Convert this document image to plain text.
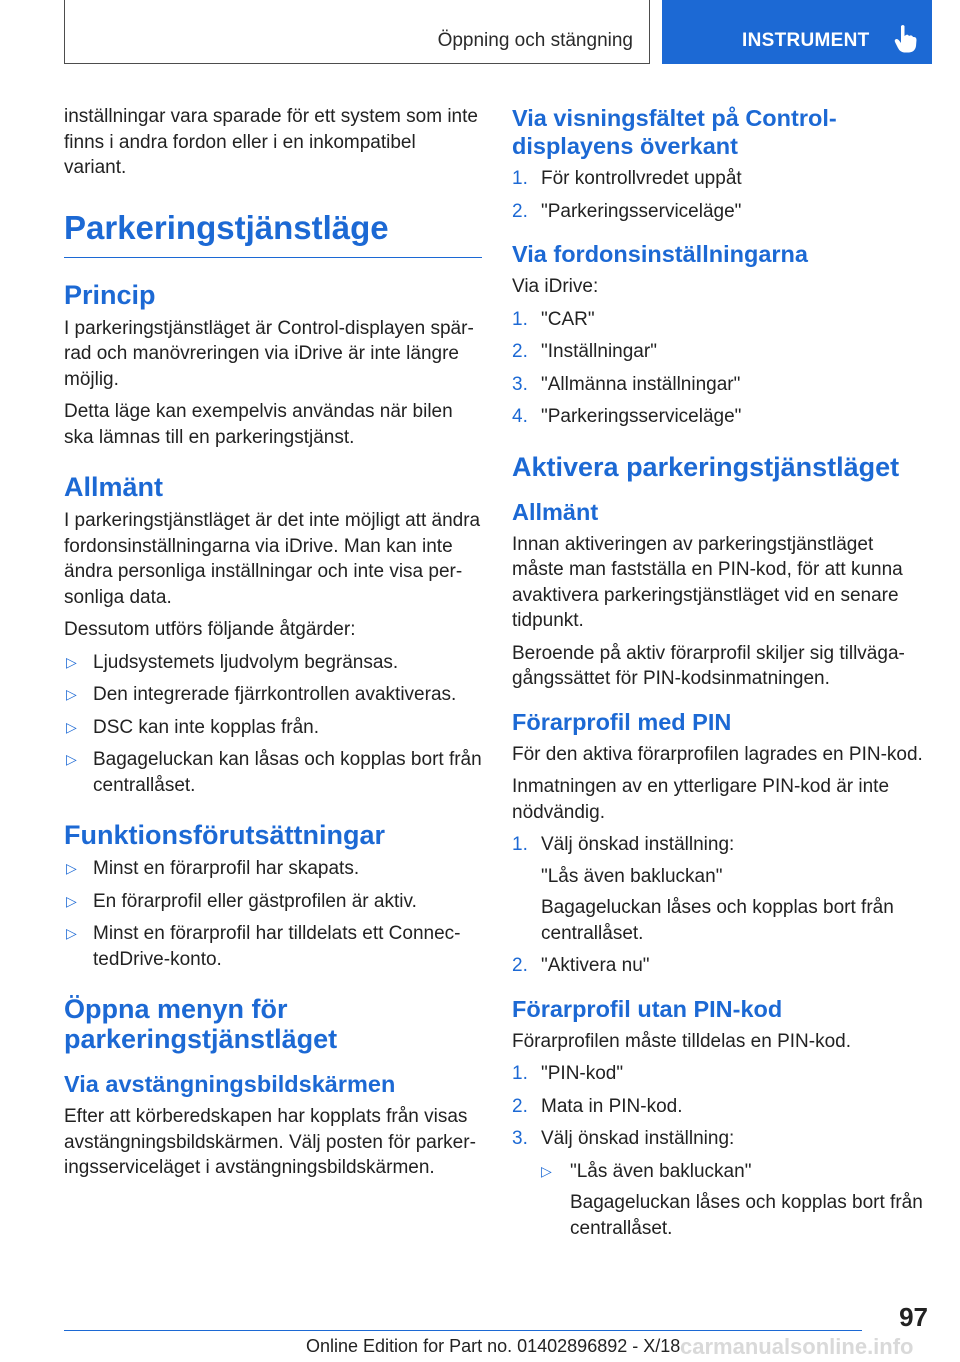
Öppning och stängning	INSTRUMENT

inställningar vara sparade för ett system som inte finns i andra fordon eller i en inkompatibel variant.

Parkeringstjänstläge
Princip

I parkeringstjänstläget är Control-displayen spärrad och manövreringen via iDrive är inte längre möjlig.

Detta läge kan exempelvis användas när bilen ska lämnas till en parkeringstjänst.

Allmänt

I parkeringstjänstläget är det inte möjligt att ändra fordonsinställningarna via iDrive. Man kan inte ändra personliga inställningar och inte visa personliga data.

Dessutom utförs följande åtgärder:

▷ Ljudsystemets ljudvolym begränsas.
▷ Den integrerade fjärrkontrollen avaktiveras.
▷ DSC kan inte kopplas från.
▷ Bagageluckan kan låsas och kopplas bort från centrallåset.
Funktionsförutsättningar
▷ Minst en förarprofil har skapats.
▷ En förarprofil eller gästprofilen är aktiv.
▷ Minst en förarprofil har tilldelats ett ConnectedDrive-konto.
Öppna menyn för parkeringstjänstläget
Via avstängningsbildskärmen

Efter att körberedskapen har kopplats från visas avstängningsbildskärmen. Välj posten för parkeringsserviceläget i avstängningsbildskärmen.

Via visningsfältet på Control-displayens överkant
1. För kontrollvredet uppåt
2. "Parkeringsserviceläge"
Via fordonsinställningarna

Via iDrive:

1. "CAR"
2. "Inställningar"
3. "Allmänna inställningar"
4. "Parkeringsserviceläge"
Aktivera parkeringstjänstläget
Allmänt

Innan aktiveringen av parkeringstjänstläget måste man fastställa en PIN-kod, för att kunna avaktivera parkeringstjänstläget vid en senare tidpunkt.

Beroende på aktiv förarprofil skiljer sig tillvägagångssättet för PIN-kodsinmatningen.

Förarprofil med PIN

För den aktiva förarprofilen lagrades en PIN-kod.

Inmatningen av en ytterligare PIN-kod är inte nödvändig.

1. Välj önskad inställning:
"Lås även bakluckan"
Bagageluckan låses och kopplas bort från centrallåset.
2. "Aktivera nu"
Förarprofil utan PIN-kod

Förarprofilen måste tilldelas en PIN-kod.

1. "PIN-kod"
2. Mata in PIN-kod.
3. Välj önskad inställning:
▷ "Lås även bakluckan"
Bagageluckan låses och kopplas bort från centrallåset.
97
Online Edition for Part no. 01402896892 - X/18 carmanualsonline.info
